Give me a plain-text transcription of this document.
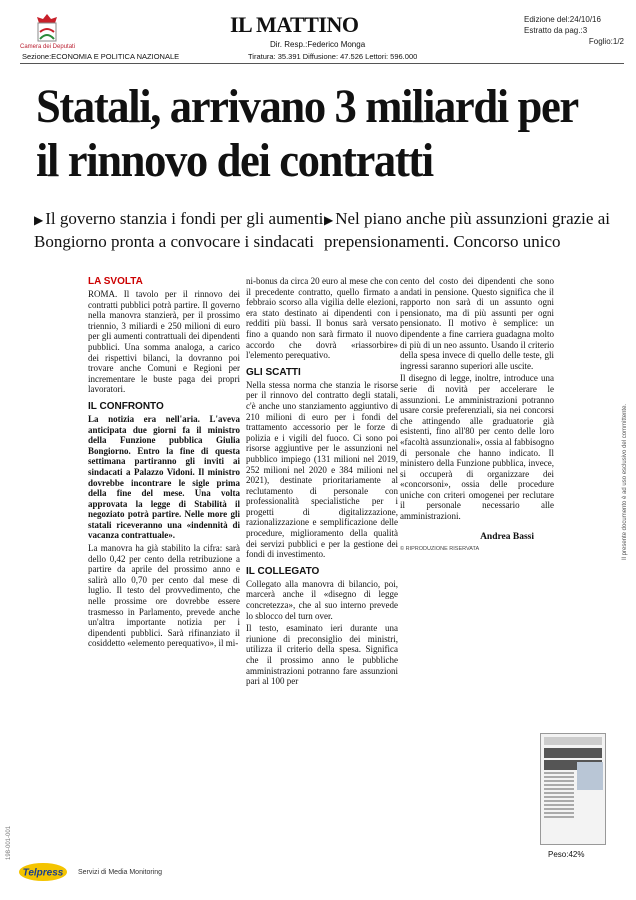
Camera dei Deputati
IL MATTINO	Edizione del:24/10/16
Estratto da pag.:3
Foglio:1/2
Dir. Resp.:Federico Monga
Sezione:ECONOMIA E POLITICA NAZIONALE	Tiratura: 35.391 Diffusione: 47.526 Lettori: 596.000
Statali, arrivano 3 miliardi per il rinnovo dei contratti
▶ Il governo stanzia i fondi per gli aumenti Bongiorno pronta a convocare i sindacati
▶ Nel piano anche più assunzioni grazie ai prepensionamenti. Concorso unico
LA SVOLTA

ROMA. Il tavolo per il rinnovo dei contratti pubblici potrà partire. Il governo nella manovra stanzierà, per il prossimo triennio, 3 miliardi e 250 milioni di euro per gli aumenti contrattuali dei dipendenti pubblici. Una somma analoga, a carico dei rispettivi bilanci, la dovranno poi trovare anche Comuni e Regioni per incrementare le buste paga dei propri lavoratori.

IL CONFRONTO

La notizia era nell'aria. L'aveva anticipata due giorni fa il ministro della Funzione pubblica Giulia Bongiorno. Entro la fine di questa settimana partiranno gli inviti ai sindacati a Palazzo Vidoni. Il ministro dovrebbe incontrare le sigle prima della fine del mese. Una volta approvata la legge di Stabilità il negoziato potrà partire. Nelle more gli statali riceveranno una «indennità di vacanza contrattuale».

La manovra ha già stabilito la cifra: sarà dello 0,42 per cento della retribuzione a partire da aprile del prossimo anno e salirà allo 0,70 per cento dal mese di luglio. Il testo del provvedimento, che nelle prossime ore dovrebbe essere trasmesso in Parlamento, prevede anche un'altra importante notizia per i dipendenti pubblici. Sarà rifinanziato il cosiddetto «elemento perequativo», il mi-

ni-bonus da circa 20 euro al mese che con il precedente contratto, quello firmato a febbraio scorso alla vigilia delle elezioni, era stato destinato ai dipendenti con i redditi più bassi. Il bonus sarà versato fino a quando non sarà firmato il nuovo accordo che dovrà «riassorbire» l'elemento perequativo.

GLI SCATTI

Nella stessa norma che stanzia le risorse per il rinnovo del contratto degli statali, c'è anche uno stanziamento aggiuntivo di 210 milioni di euro per i fondi del trattamento accessorio per le forze di polizia e i vigili del fuoco. Ci sono poi risorse aggiuntive per le assunzioni nel pubblico impiego (131 milioni nel 2019, 252 milioni nel 2020 e 384 milioni nel 2021), destinate prioritariamente al reclutamento di personale con professionalità specialistiche per i progetti di digitalizzazione, razionalizzazione e semplificazione delle procedure, miglioramento della qualità dei servizi pubblici e per la gestione dei fondi di investimento.

IL COLLEGATO

Collegato alla manovra di bilancio, poi, marcerà anche il «disegno di legge concretezza», che al suo interno prevede lo sblocco del turn over.

Il testo, esaminato ieri durante una riunione di preconsiglio dei ministri, utilizza il criterio della spesa. Significa che il prossimo anno le pubbliche amministrazioni potranno fare assunzioni pari al 100 per

cento del costo dei dipendenti che sono andati in pensione. Questo significa che il rapporto non sarà di un assunto ogni pensionato, ma di più assunti per ogni pensionato. Il motivo è semplice: un dipendente a fine carriera guadagna molto di più di un neo assunto. Usando il criterio della spesa invece di quello delle teste, gli ingressi saranno superiori alle uscite.

Il disegno di legge, inoltre, introduce una serie di novità per accelerare le assunzioni. Le amministrazioni potranno usare corsie preferenziali, sia nei concorsi che attingendo alle graduatorie già esistenti, fino all'80 per cento delle loro «facoltà assunzionali», ossia al fabbisogno di personale che hanno indicato. Il ministero della Funzione pubblica, invece, si occuperà di organizzare dei «concorsoni», ossia delle procedure uniche con criteri omogenei per reclutare il personale necessario alle amministrazioni.

Andrea Bassi
© RIPRODUZIONE RISERVATA
Peso:42%
Il presente documento è ad uso esclusivo del committente.
198-001-001
Telpress Servizi di Media Monitoring
